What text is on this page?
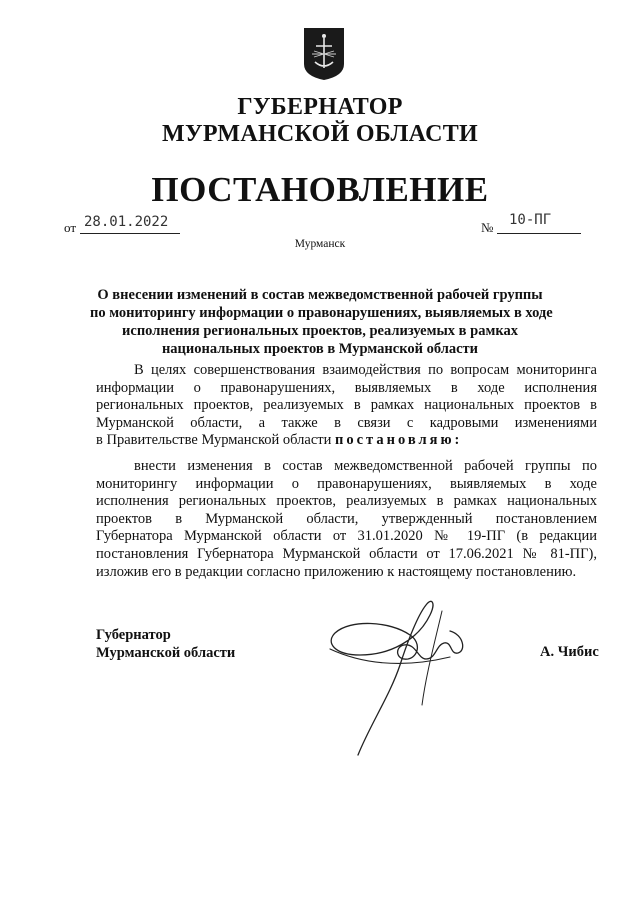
ГУБЕРНАТОР
МУРМАНСКОЙ ОБЛАСТИ
ПОСТАНОВЛЕНИЕ
от 28.01.2022	№ 10-ПГ
Мурманск
О внесении изменений в состав межведомственной рабочей группы
по мониторингу информации о правонарушениях, выявляемых в ходе
исполнения региональных проектов, реализуемых в рамках
национальных проектов в Мурманской области
В целях совершенствования взаимодействия по вопросам мониторинга
информации о правонарушениях, выявляемых в ходе исполнения
региональных проектов, реализуемых в рамках национальных проектов в
Мурманской области, а также в связи с кадровыми изменениями
в Правительстве Мурманской области постановляю:
внести изменения в состав межведомственной рабочей группы по
мониторингу информации о правонарушениях, выявляемых в ходе
исполнения региональных проектов, реализуемых в рамках национальных
проектов в Мурманской области, утвержденный постановлением
Губернатора Мурманской области от 31.01.2020 № 19-ПГ (в редакции
постановления Губернатора Мурманской области от 17.06.2021 № 81-ПГ),
изложив его в редакции согласно приложению к настоящему постановлению.
Губернатор
Мурманской области	А. Чибис
